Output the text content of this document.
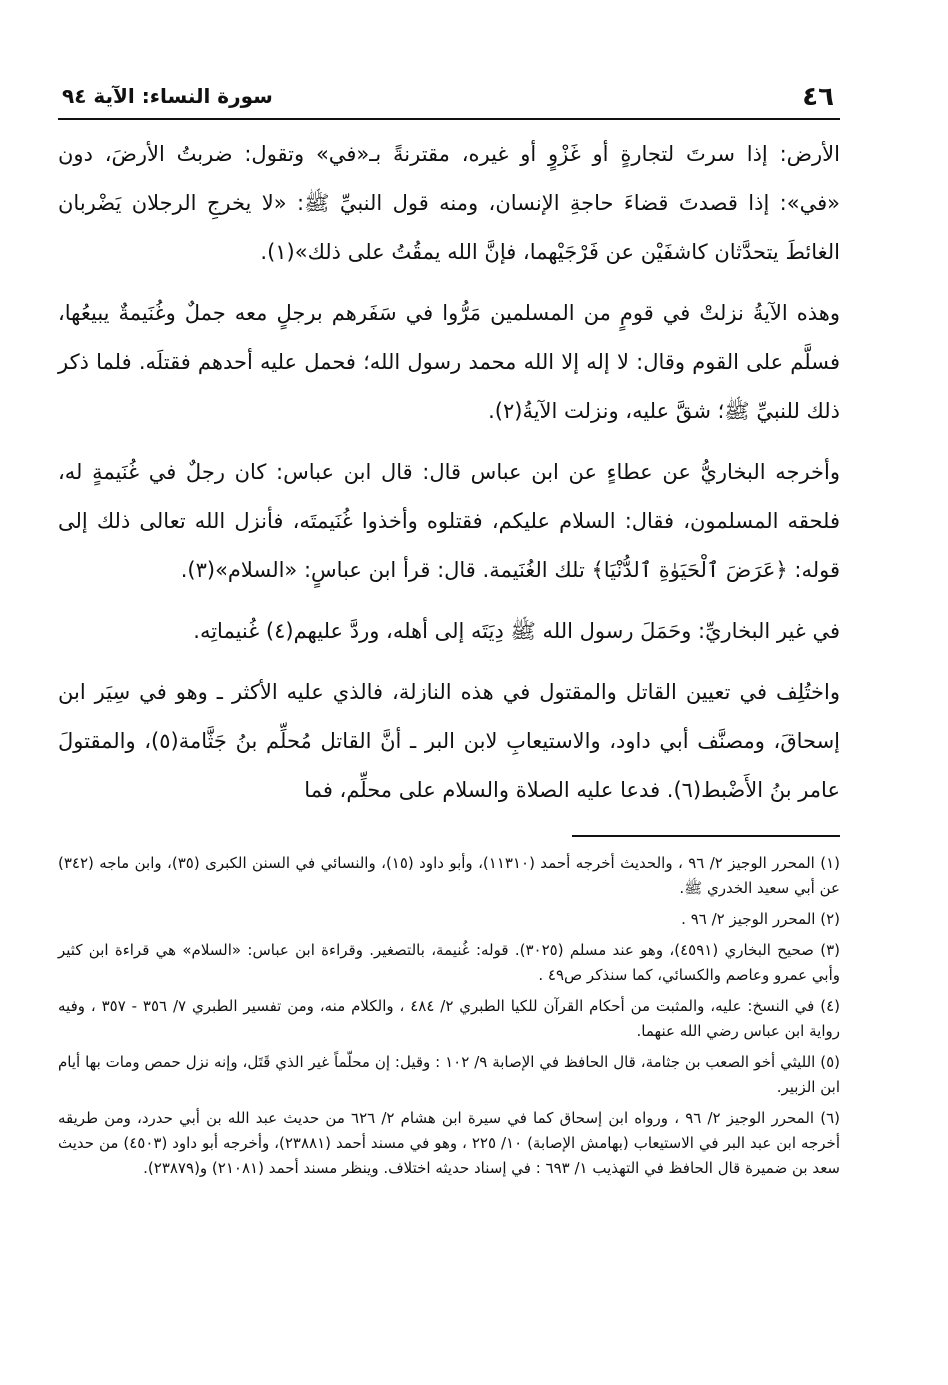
٤٦
سورة النساء: الآية ٩٤

الأرض: إذا سرتَ لتجارةٍ أو غَزْوٍ أو غيره، مقترنةً بـ«في» وتقول: ضربتُ الأرضَ، دون «في»: إذا قصدتَ قضاءَ حاجةِ الإنسان، ومنه قول النبيِّ ﷺ: «لا يخرجِ الرجلان يَضْربان الغائطَ يتحدَّثان كاشفَيْن عن فَرْجَيْهما، فإنَّ الله يمقُتُ على ذلك»(١).

وهذه الآيةُ نزلتْ في قومٍ من المسلمين مَرُّوا في سَفَرهم برجلٍ معه جملٌ وغُنَيمةٌ يبيعُها، فسلَّم على القوم وقال: لا إله إلا الله محمد رسول الله؛ فحمل عليه أحدهم فقتلَه. فلما ذكر ذلك للنبيِّ ﷺ؛ شقَّ عليه، ونزلت الآيةُ(٢).

وأخرجه البخاريُّ عن عطاءٍ عن ابن عباس قال: قال ابن عباس: كان رجلٌ في غُنَيمةٍ له، فلحقه المسلمون، فقال: السلام عليكم، فقتلوه وأخذوا غُنَيمتَه، فأنزل الله تعالى ذلك إلى قوله: ﴿عَرَضَ ٱلْحَيَوٰةِ ٱلدُّنْيَا﴾ تلك الغُنَيمة. قال: قرأ ابن عباسٍ: «السلام»(٣).

في غير البخاريِّ: وحَمَلَ رسول الله ﷺ دِيَتَه إلى أهله، وردَّ عليهم(٤) غُنيماتِه.

واختُلِف في تعيين القاتل والمقتول في هذه النازلة، فالذي عليه الأكثر ـ وهو في سِيَر ابن إسحاقَ، ومصنَّف أبي داود، والاستيعابِ لابن البر ـ أنَّ القاتل مُحلِّم بنُ جَثَّامة(٥)، والمقتولَ عامر بنُ الأَضْبط(٦). فدعا عليه الصلاة والسلام على محلِّم، فما

(١) المحرر الوجيز ٢/ ٩٦ ، والحديث أخرجه أحمد (١١٣١٠)، وأبو داود (١٥)، والنسائي في السنن الكبرى (٣٥)، وابن ماجه (٣٤٢) عن أبي سعيد الخدري ﷺ.

(٢) المحرر الوجيز ٢/ ٩٦ .

(٣) صحيح البخاري (٤٥٩١)، وهو عند مسلم (٣٠٢٥). قوله: غُنيمة، بالتصغير. وقراءة ابن عباس: «السلام» هي قراءة ابن كثير وأبي عمرو وعاصم والكسائي، كما سنذكر ص٤٩ .

(٤) في النسخ: عليه، والمثبت من أحكام القرآن للكيا الطبري ٢/ ٤٨٤ ، والكلام منه، ومن تفسير الطبري ٧/ ٣٥٦ - ٣٥٧ ، وفيه رواية ابن عباس رضي الله عنهما.

(٥) الليثي أخو الصعب بن جثامة، قال الحافظ في الإصابة ٩/ ١٠٢ : وقيل: إن محلّماً غير الذي قَتَل، وإنه نزل حمص ومات بها أيام ابن الزبير.

(٦) المحرر الوجيز ٢/ ٩٦ ، ورواه ابن إسحاق كما في سيرة ابن هشام ٢/ ٦٢٦ من حديث عبد الله بن أبي حدرد، ومن طريقه أخرجه ابن عبد البر في الاستيعاب (بهامش الإصابة) ١٠/ ٢٢٥ ، وهو في مسند أحمد (٢٣٨٨١)، وأخرجه أبو داود (٤٥٠٣) من حديث سعد بن ضميرة قال الحافظ في التهذيب ١/ ٦٩٣ : في إسناد حديثه اختلاف. وينظر مسند أحمد (٢١٠٨١) و(٢٣٨٧٩).
